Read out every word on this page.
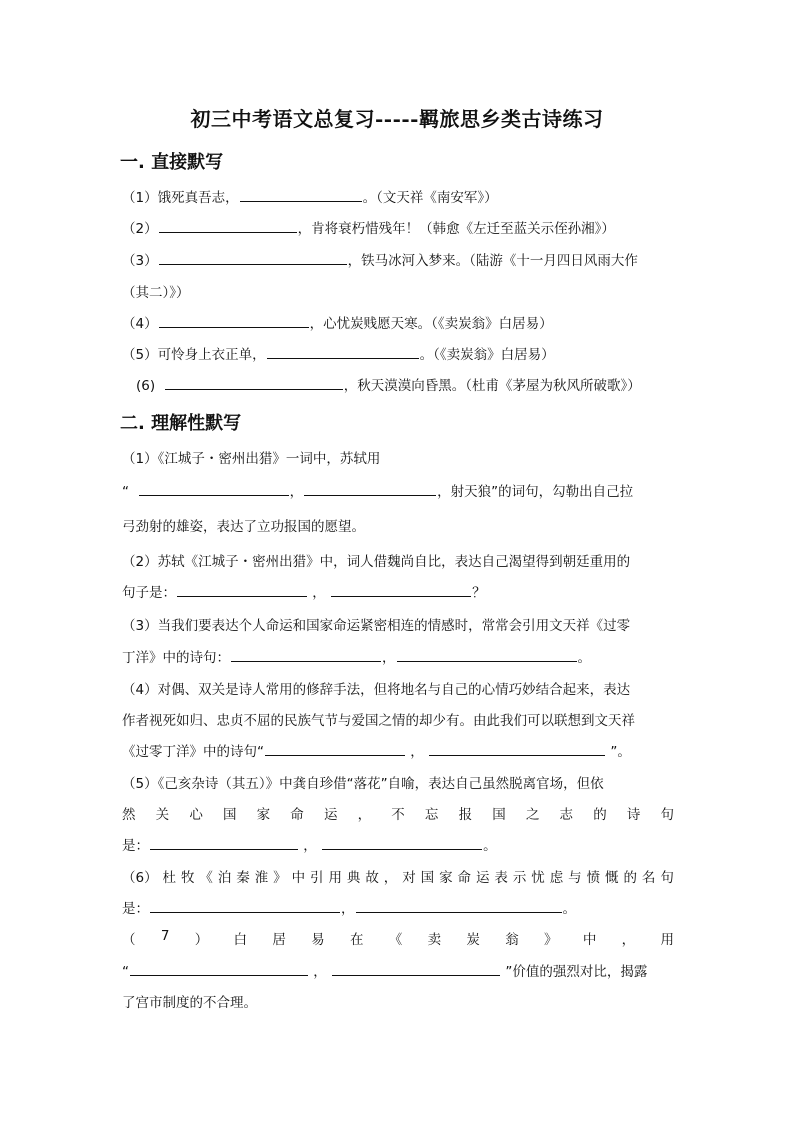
初三中考语文总复习-----羁旅思乡类古诗练习
一. 直接默写
（1）饿死真吾志，	。（文天祥《南安军》）
（2）	，肯将衰朽惜残年！（韩愈《左迁至蓝关示侄孙湘》）
（3）	，铁马冰河入梦来。（陆游《十一月四日风雨大作
（其二）》）
（4）	，心忧炭贱愿天寒。（《卖炭翁》白居易）
（5）可怜身上衣正单，	。（《卖炭翁》白居易）
(6)	，秋天漠漠向昏黑。（杜甫《茅屋为秋风所破歌》）
二. 理解性默写
（1）《江城子・密州出猎》一词中，苏轼用
“	，	，射天狼”的词句，勾勒出自己拉
弓劲射的雄姿，表达了立功报国的愿望。
（2）苏轼《江城子・密州出猎》中，词人借魏尚自比，表达自己渴望得到朝廷重用的
句子是：	，	？
（3）当我们要表达个人命运和国家命运紧密相连的情感时，常常会引用文天祥《过零
丁洋》中的诗句：	，	。
（4）对偶、双关是诗人常用的修辞手法，但将地名与自己的心情巧妙结合起来，表达
作者视死如归、忠贞不屈的民族气节与爱国之情的却少有。由此我们可以联想到文天祥
《过零丁洋》中的诗句“	，	”。
（5）《己亥杂诗（其五）》中龚自珍借“落花”自喻，表达自己虽然脱离官场，但依
然 关 心 国 家 命 运 ， 不 忘 报 国 之 志 的 诗 句
是：	，	。
（6） 杜 牧 《 泊 秦 淮 》 中 引 用 典 故 ， 对 国 家 命 运 表 示 忧 虑 与 愤 慨 的 名 句
是：	，	。
（ 7 ） 白 居 易 在 《 卖 炭 翁 》 中 ， 用
“	，	”价值的强烈对比，揭露
了宫市制度的不合理。
